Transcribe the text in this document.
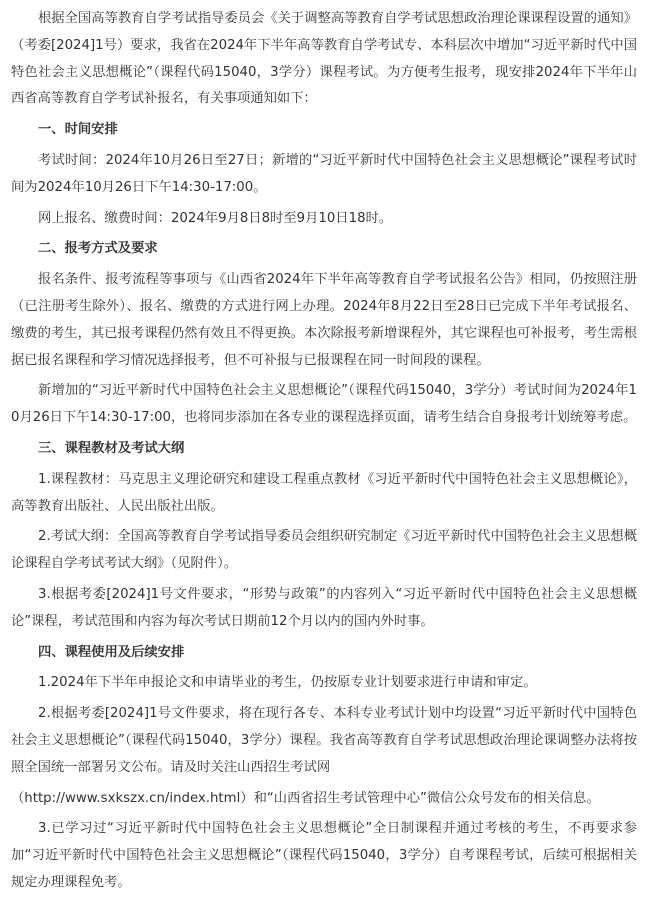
根据全国高等教育自学考试指导委员会《关于调整高等教育自学考试思想政治理论课课程设置的通知》（考委[2024]1号）要求，我省在2024年下半年高等教育自学考试专、本科层次中增加“习近平新时代中国特色社会主义思想概论”（课程代码15040，3学分）课程考试。为方便考生报考，现安排2024年下半年山西省高等教育自学考试补报名，有关事项通知如下：

一、时间安排

考试时间：2024年10月26日至27日；新增的“习近平新时代中国特色社会主义思想概论”课程考试时间为2024年10月26日下午14:30-17:00。

网上报名、缴费时间：2024年9月8日8时至9月10日18时。

二、报考方式及要求

报名条件、报考流程等事项与《山西省2024年下半年高等教育自学考试报名公告》相同，仍按照注册（已注册考生除外）、报名、缴费的方式进行网上办理。2024年8月22日至28日已完成下半年考试报名、缴费的考生，其已报考课程仍然有效且不得更换。本次除报考新增课程外，其它课程也可补报考，考生需根据已报名课程和学习情况选择报考，但不可补报与已报课程在同一时间段的课程。

新增加的“习近平新时代中国特色社会主义思想概论”（课程代码15040，3学分）考试时间为2024年10月26日下午14:30-17:00，也将同步添加在各专业的课程选择页面，请考生结合自身报考计划统筹考虑。

三、课程教材及考试大纲

1.课程教材：马克思主义理论研究和建设工程重点教材《习近平新时代中国特色社会主义思想概论》，高等教育出版社、人民出版社出版。

2.考试大纲：全国高等教育自学考试指导委员会组织研究制定《习近平新时代中国特色社会主义思想概论课程自学考试考试大纲》（见附件）。

3.根据考委[2024]1号文件要求，“形势与政策”的内容列入“习近平新时代中国特色社会主义思想概论”课程，考试范围和内容为每次考试日期前12个月以内的国内外时事。

四、课程使用及后续安排

1.2024年下半年申报论文和申请毕业的考生，仍按原专业计划要求进行申请和审定。

2.根据考委[2024]1号文件要求，将在现行各专、本科专业考试计划中均设置“习近平新时代中国特色社会主义思想概论”（课程代码15040，3学分）课程。我省高等教育自学考试思想政治理论课调整办法将按照全国统一部署另文公布。请及时关注山西招生考试网

（http://www.sxkszx.cn/index.html）和“山西省招生考试管理中心”微信公众号发布的相关信息。

3.已学习过“习近平新时代中国特色社会主义思想概论”全日制课程并通过考核的考生，不再要求参加“习近平新时代中国特色社会主义思想概论”（课程代码15040，3学分）自考课程考试，后续可根据相关规定办理课程免考。
